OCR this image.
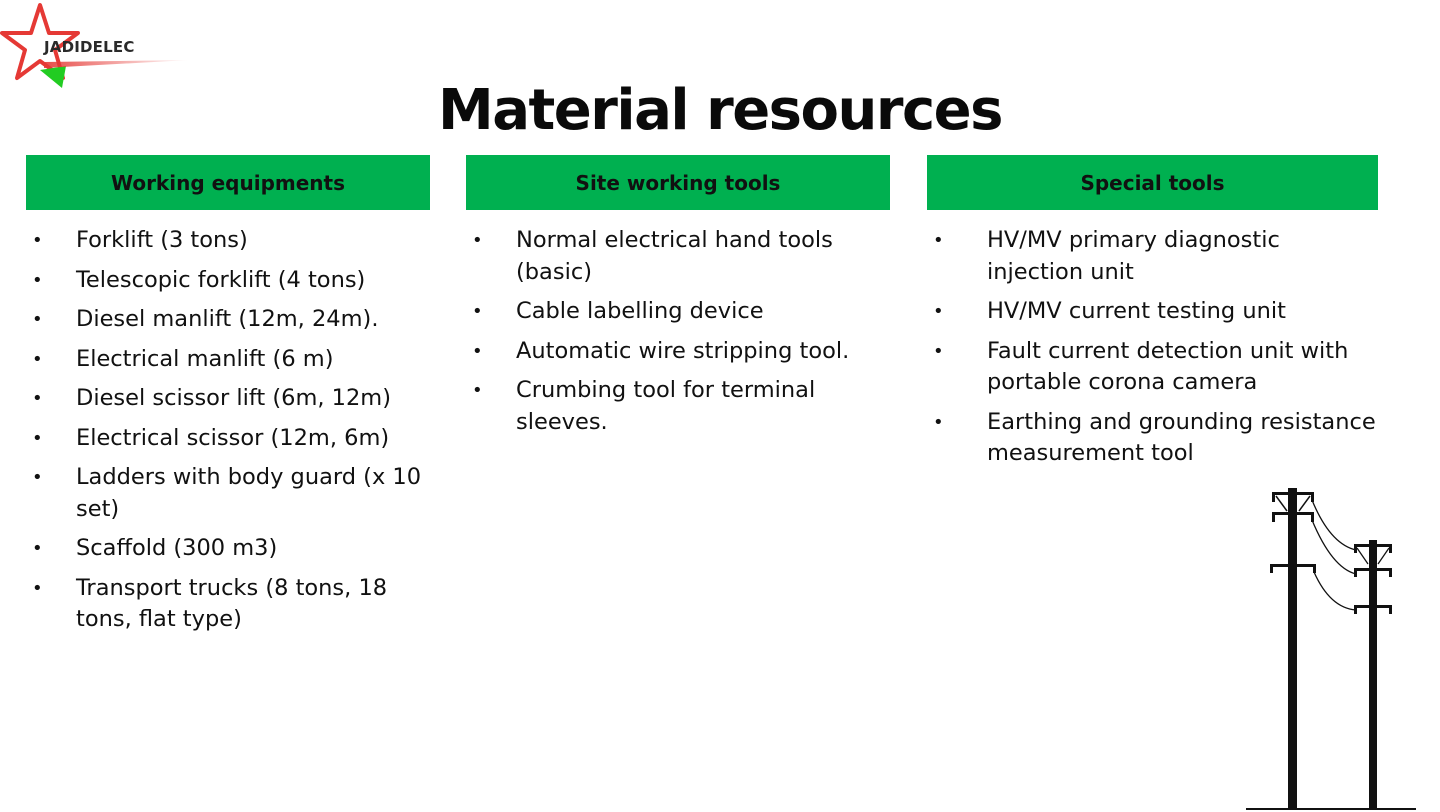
JADIDELEC
Material resources
Working equipments
• Forklift (3 tons)
• Telescopic forklift (4 tons)
• Diesel manlift (12m, 24m).
• Electrical manlift (6 m)
• Diesel scissor lift (6m, 12m)
• Electrical scissor (12m, 6m)
• Ladders with body guard (x 10 set)
• Scaffold (300 m3)
• Transport trucks (8 tons, 18 tons, flat type)
Site working tools
• Normal electrical hand tools (basic)
• Cable labelling device
• Automatic wire stripping tool.
• Crumbing tool for terminal sleeves.
Special tools
• HV/MV primary diagnostic injection unit
• HV/MV current testing unit
• Fault current detection unit with portable corona camera
• Earthing and grounding resistance measurement tool
